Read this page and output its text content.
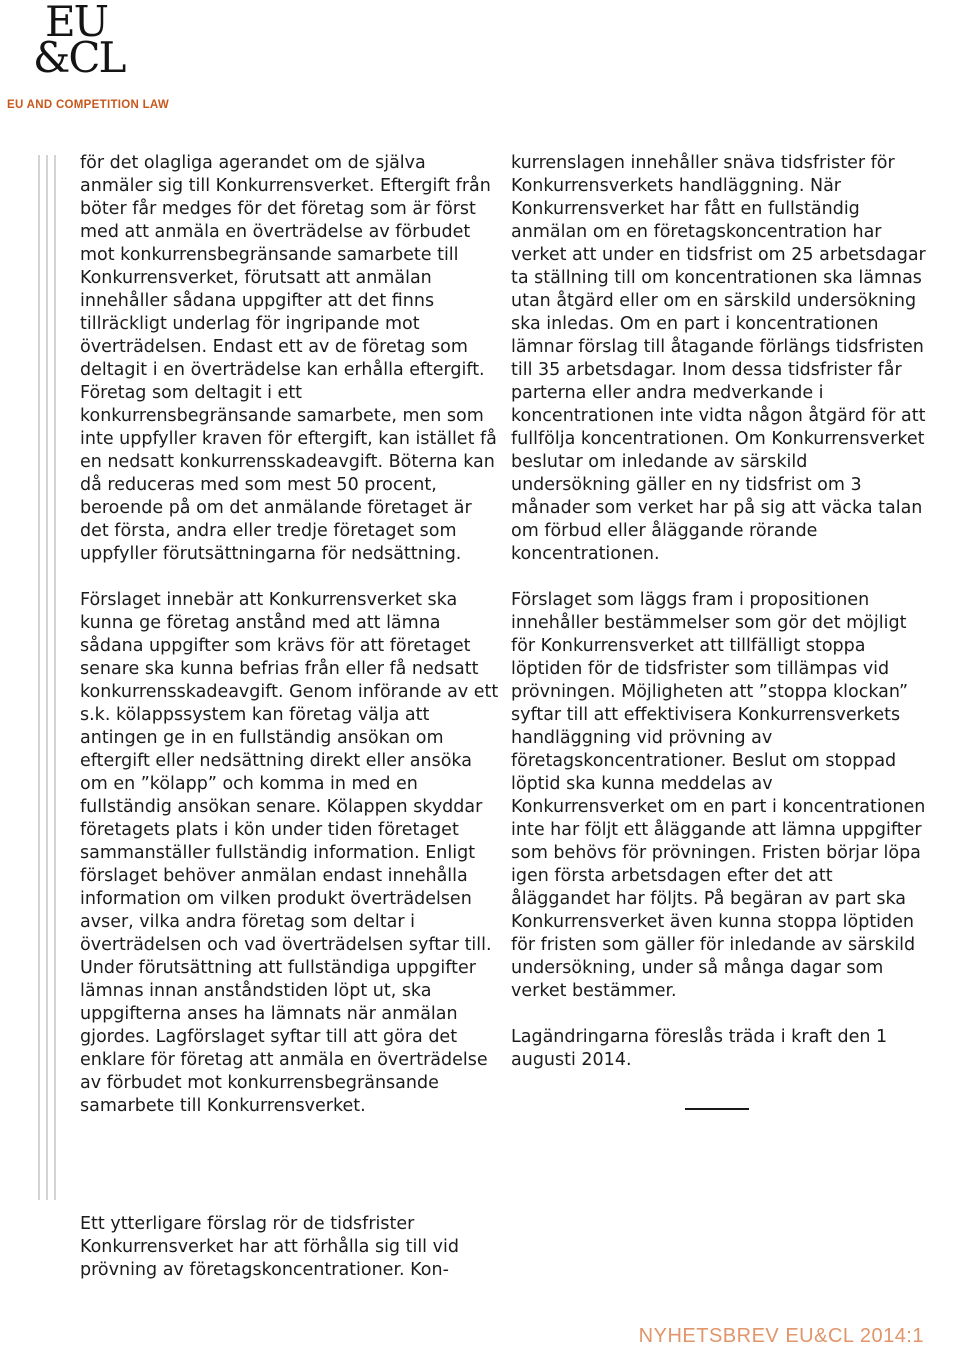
EU
&CL
EU AND COMPETITION LAW

för det olagliga agerandet om de själva anmäler sig till Konkurrensverket. Eftergift från böter får medges för det företag som är först med att anmäla en överträdelse av förbudet mot konkurrensbegränsande samarbete till Konkurrensverket, förutsatt att anmälan innehåller sådana uppgifter att det finns tillräckligt underlag för ingripande mot överträdelsen. Endast ett av de företag som deltagit i en överträdelse kan erhålla eftergift. Företag som deltagit i ett konkurrensbegränsande samarbete, men som inte uppfyller kraven för eftergift, kan istället få en nedsatt konkurrensskadeavgift. Böterna kan då reduceras med som mest 50 procent, beroende på om det anmälande företaget är det första, andra eller tredje företaget som uppfyller förutsättningarna för nedsättning.

Förslaget innebär att Konkurrensverket ska kunna ge företag anstånd med att lämna sådana uppgifter som krävs för att företaget senare ska kunna befrias från eller få nedsatt konkurrensskadeavgift. Genom införande av ett s.k. kölappssystem kan företag välja att antingen ge in en fullständig ansökan om eftergift eller nedsättning direkt eller ansöka om en ”kölapp” och komma in med en fullständig ansökan senare. Kölappen skyddar företagets plats i kön under tiden företaget sammanställer fullständig information. Enligt förslaget behöver anmälan endast innehålla information om vilken produkt överträdelsen avser, vilka andra företag som deltar i överträdelsen och vad överträdelsen syftar till. Under förutsättning att fullständiga uppgifter lämnas innan anståndstiden löpt ut, ska uppgifterna anses ha lämnats när anmälan gjordes. Lagförslaget syftar till att göra det enklare för företag att anmäla en överträdelse av förbudet mot konkurrensbegränsande samarbete till Konkurrensverket.

Ett ytterligare förslag rör de tidsfrister Konkurrensverket har att förhålla sig till vid prövning av företagskoncentrationer. Kon-

kurrenslagen innehåller snäva tidsfrister för Konkurrensverkets handläggning. När Konkurrensverket har fått en fullständig anmälan om en företagskoncentration har verket att under en tidsfrist om 25 arbetsdagar ta ställning till om koncentrationen ska lämnas utan åtgärd eller om en särskild undersökning ska inledas. Om en part i koncentrationen lämnar förslag till åtagande förlängs tidsfristen till 35 arbetsdagar. Inom dessa tidsfrister får parterna eller andra medverkande i koncentrationen inte vidta någon åtgärd för att fullfölja koncentrationen. Om Konkurrensverket beslutar om inledande av särskild undersökning gäller en ny tidsfrist om 3 månader som verket har på sig att väcka talan om förbud eller åläggande rörande koncentrationen.

Förslaget som läggs fram i propositionen innehåller bestämmelser som gör det möjligt för Konkurrensverket att tillfälligt stoppa löptiden för de tidsfrister som tillämpas vid prövningen. Möjligheten att ”stoppa klockan” syftar till att effektivisera Konkurrensverkets handläggning vid prövning av företagskoncentrationer. Beslut om stoppad löptid ska kunna meddelas av Konkurrensverket om en part i koncentrationen inte har följt ett åläggande att lämna uppgifter som behövs för prövningen. Fristen börjar löpa igen första arbetsdagen efter det att åläggandet har följts. På begäran av part ska Konkurrensverket även kunna stoppa löptiden för fristen som gäller för inledande av särskild undersökning, under så många dagar som verket bestämmer.

Lagändringarna föreslås träda i kraft den 1 augusti 2014.

NYHETSBREV EU&CL 2014:1
